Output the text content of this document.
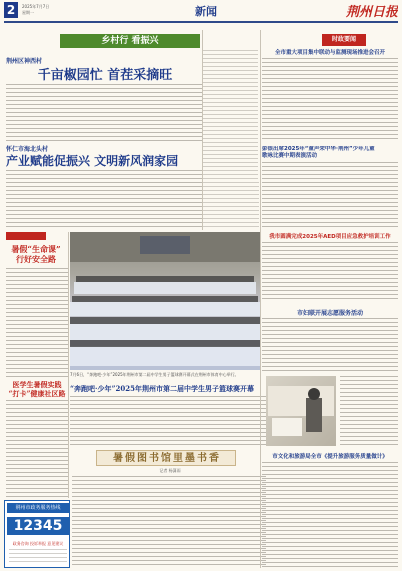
2	2025年7月7日
星期一	新闻	荆州日报
乡村行 看振兴
荆州区神西村
千亩椒园忙 首茬采摘旺
怀仁市海北头村
产业赋能促振兴 文明新风润家园
暑假“生命课”
行好安全路
医学生暑假实践
“打卡”健康社区路
荆州市政务服务热线
12345
政务咨询 投诉举报 意见建议
7月6日，“奔跑吧·少年”2025年荆州市第二届中学生男子篮球赛开幕式在荆州市体育中心举行。
“奔跑吧·少年”2025年荆州市第二届中学生男子篮球赛开幕
暑假图书馆里墨书香
记者 杨潇雨
时政要闻
全市重大项目集中联动与监测现场推进会召开
彭银出席2025年“童声荣中华·荆州”少年儿童
歌咏比赛中期表演活动
我市圆满完成2025年AED项目应急救护培训工作
市妇联开展志愿服务活动
市文化和旅游局全市《提升旅游服务质量做计》
